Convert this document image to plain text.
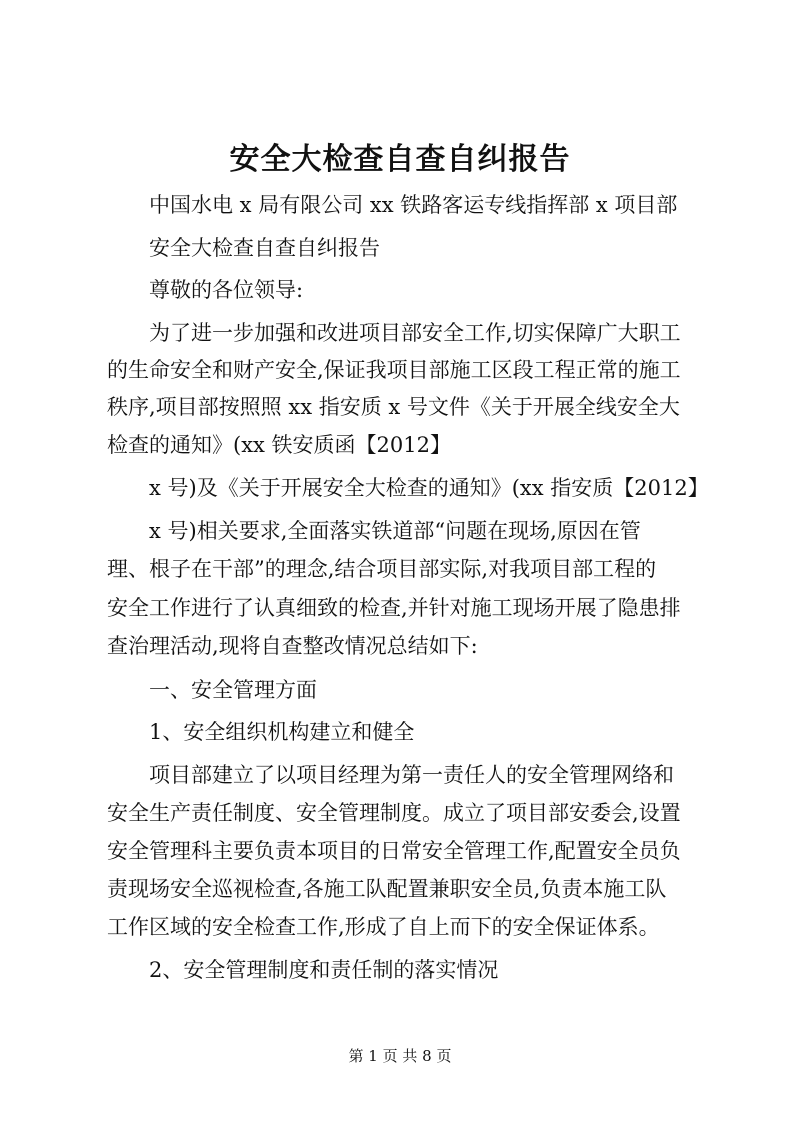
安全大检查自查自纠报告
中国水电 x 局有限公司 xx 铁路客运专线指挥部 x 项目部
安全大检查自查自纠报告
尊敬的各位领导:
为了进一步加强和改进项目部安全工作,切实保障广大职工
的生命安全和财产安全,保证我项目部施工区段工程正常的施工
秩序,项目部按照照 xx 指安质 x 号文件《关于开展全线安全大
检查的通知》(xx 铁安质函【2012】
x 号)及《关于开展安全大检查的通知》(xx 指安质【2012】
x 号)相关要求,全面落实铁道部“问题在现场,原因在管
理、根子在干部”的理念,结合项目部实际,对我项目部工程的
安全工作进行了认真细致的检查,并针对施工现场开展了隐患排
查治理活动,现将自查整改情况总结如下:
一、安全管理方面
1、安全组织机构建立和健全
项目部建立了以项目经理为第一责任人的安全管理网络和
安全生产责任制度、安全管理制度。成立了项目部安委会,设置
安全管理科主要负责本项目的日常安全管理工作,配置安全员负
责现场安全巡视检查,各施工队配置兼职安全员,负责本施工队
工作区域的安全检查工作,形成了自上而下的安全保证体系。
2、安全管理制度和责任制的落实情况
第 1 页 共 8 页
